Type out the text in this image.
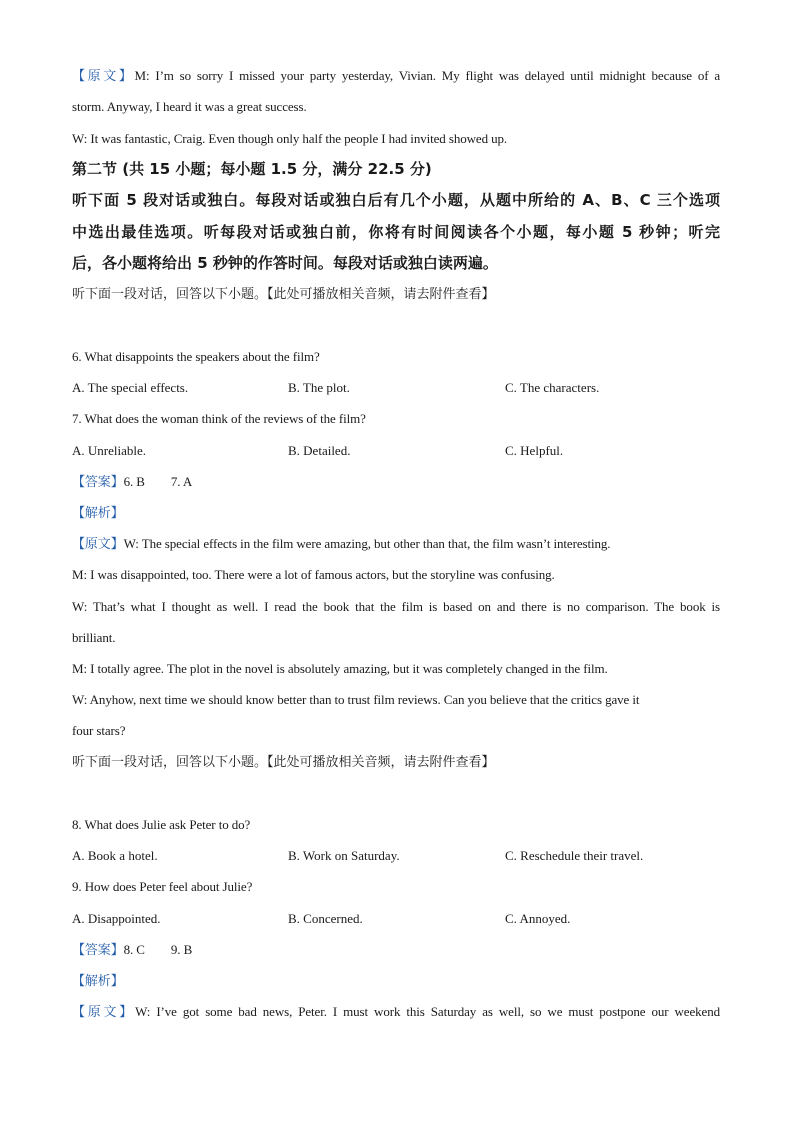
【原文】M: I’m so sorry I missed your party yesterday, Vivian. My flight was delayed until midnight because of a
storm. Anyway, I heard it was a great success.
W: It was fantastic, Craig. Even though only half the people I had invited showed up.
第二节 (共 15 小题；每小题 1.5 分，满分 22.5 分)
听下面 5 段对话或独白。每段对话或独白后有几个小题，从题中所给的 A、B、C 三个选项
中选出最佳选项。听每段对话或独白前，你将有时间阅读各个小题，每小题 5 秒钟；听完
后，各小题将给出 5 秒钟的作答时间。每段对话或独白读两遍。
听下面一段对话，回答以下小题。【此处可播放相关音频，请去附件查看】
6. What disappoints the speakers about the film?
A. The special effects.	B. The plot.	C. The characters.
7. What does the woman think of the reviews of the film?
A. Unreliable.	B. Detailed.	C. Helpful.
【答案】6. B 7. A
【解析】
【原文】W: The special effects in the film were amazing, but other than that, the film wasn’t interesting.
M: I was disappointed, too. There were a lot of famous actors, but the storyline was confusing.
W: That’s what I thought as well. I read the book that the film is based on and there is no comparison. The book is
brilliant.
M: I totally agree. The plot in the novel is absolutely amazing, but it was completely changed in the film.
W: Anyhow, next time we should know better than to trust film reviews. Can you believe that the critics gave it
four stars?
听下面一段对话，回答以下小题。【此处可播放相关音频，请去附件查看】
8. What does Julie ask Peter to do?
A. Book a hotel.	B. Work on Saturday.	C. Reschedule their travel.
9. How does Peter feel about Julie?
A. Disappointed.	B. Concerned.	C. Annoyed.
【答案】8. C 9. B
【解析】
【原文】W: I’ve got some bad news, Peter. I must work this Saturday as well, so we must postpone our weekend
